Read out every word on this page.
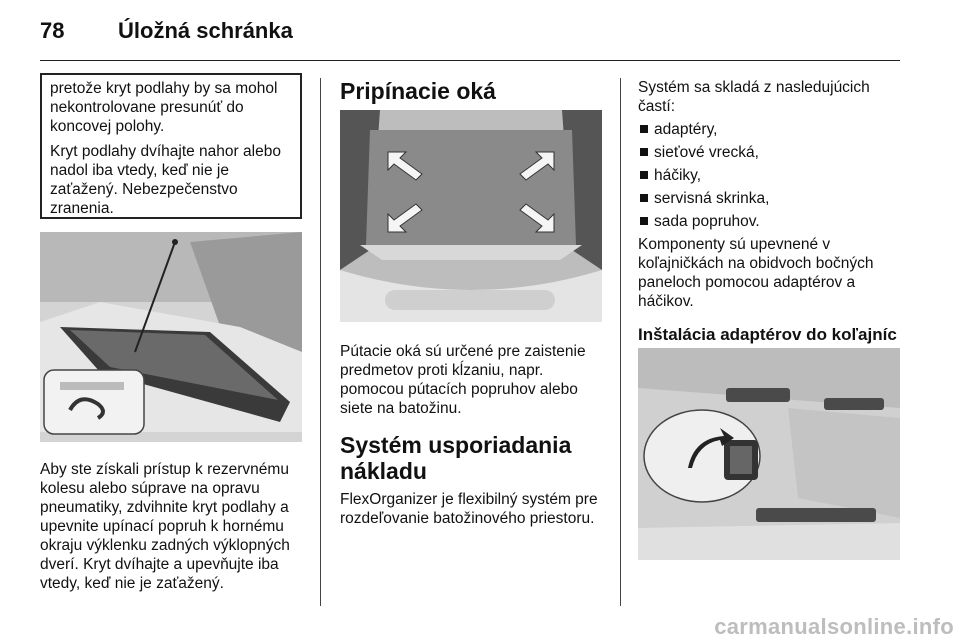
78 Úložná schránka

pretože kryt podlahy by sa mohol nekontrolovane presunúť do koncovej polohy.

Kryt podlahy dvíhajte nahor alebo nadol iba vtedy, keď nie je zaťažený. Nebezpečenstvo zranenia.

Aby ste získali prístup k rezervnému kolesu alebo súprave na opravu pneumatiky, zdvihnite kryt podlahy a upevnite upínací popruh k hornému okraju výklenku zadných výklopných dverí. Kryt dvíhajte a upevňujte iba vtedy, keď nie je zaťažený.

Pripínacie oká

Pútacie oká sú určené pre zaistenie predmetov proti kĺzaniu, napr. pomocou pútacích popruhov alebo siete na batožinu.

Systém usporiadania nákladu

FlexOrganizer je flexibilný systém pre rozdeľovanie batožinového priestoru.

Systém sa skladá z nasledujúcich častí:

adaptéry,
sieťové vrecká,
háčiky,
servisná skrinka,
sada popruhov.

Komponenty sú upevnené v koľajničkách na obidvoch bočných paneloch pomocou adaptérov a háčikov.

Inštalácia adaptérov do koľajníc
carmanualsonline.info
